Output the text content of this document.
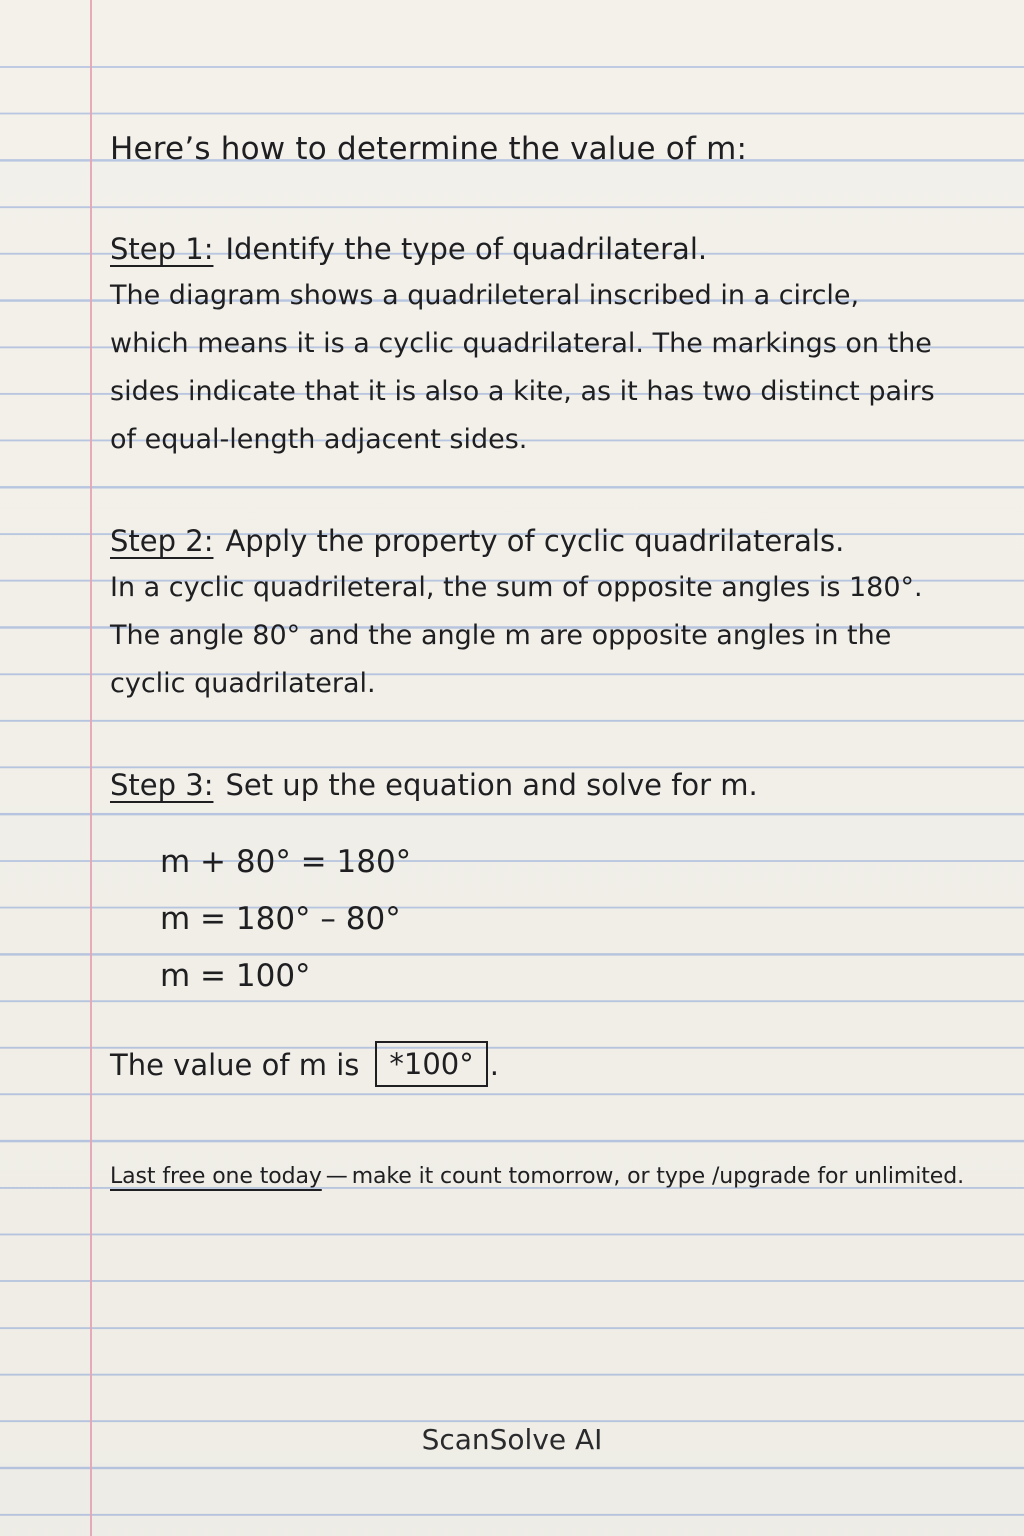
Here’s how to determine the value of m:

Step 1: Identify the type of quadrilateral.

The diagram shows a quadrileteral inscribed in a circle, which means it is a cyclic quadrilateral. The markings on the sides indicate that it is also a kite, as it has two distinct pairs of equal-length adjacent sides.

Step 2: Apply the property of cyclic quadrilaterals.

In a cyclic quadrileteral, the sum of opposite angles is 180°. The angle 80° and the angle m are opposite angles in the cyclic quadrilateral.

Step 3: Set up the equation and solve for m.

m + 80° = 180°

m = 180° – 80°

m = 100°

The value of m is *100° .
Last free one today — make it count tomorrow, or type /upgrade for unlimited.
ScanSolve AI
